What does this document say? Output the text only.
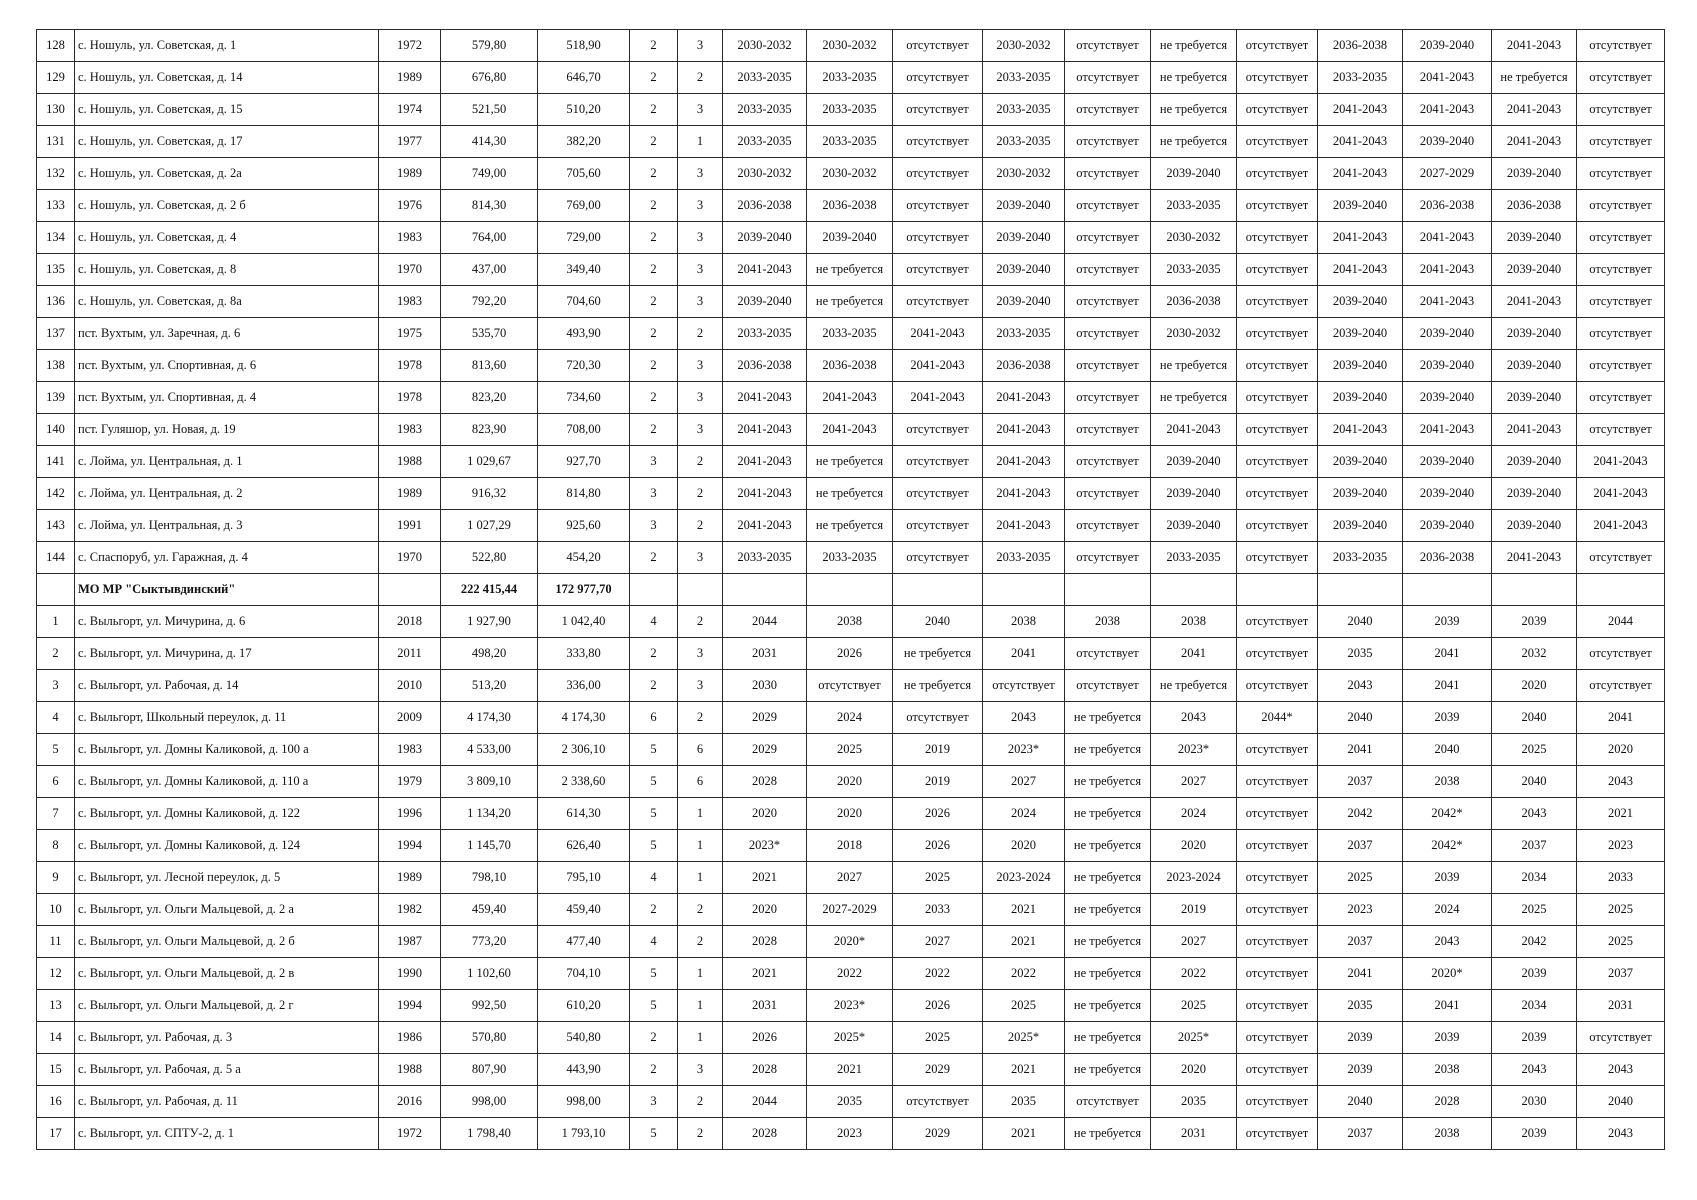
128	с. Ношуль, ул. Советская, д. 1	1972	579,80	518,90	2	3	2030-2032	2030-2032	отсутствует	2030-2032	отсутствует	не требуется	отсутствует	2036-2038	2039-2040	2041-2043	отсутствует
129	с. Ношуль, ул. Советская, д. 14	1989	676,80	646,70	2	2	2033-2035	2033-2035	отсутствует	2033-2035	отсутствует	не требуется	отсутствует	2033-2035	2041-2043	не требуется	отсутствует
130	с. Ношуль, ул. Советская, д. 15	1974	521,50	510,20	2	3	2033-2035	2033-2035	отсутствует	2033-2035	отсутствует	не требуется	отсутствует	2041-2043	2041-2043	2041-2043	отсутствует
131	с. Ношуль, ул. Советская, д. 17	1977	414,30	382,20	2	1	2033-2035	2033-2035	отсутствует	2033-2035	отсутствует	не требуется	отсутствует	2041-2043	2039-2040	2041-2043	отсутствует
132	с. Ношуль, ул. Советская, д. 2а	1989	749,00	705,60	2	3	2030-2032	2030-2032	отсутствует	2030-2032	отсутствует	2039-2040	отсутствует	2041-2043	2027-2029	2039-2040	отсутствует
133	с. Ношуль, ул. Советская, д. 2 б	1976	814,30	769,00	2	3	2036-2038	2036-2038	отсутствует	2039-2040	отсутствует	2033-2035	отсутствует	2039-2040	2036-2038	2036-2038	отсутствует
134	с. Ношуль, ул. Советская, д. 4	1983	764,00	729,00	2	3	2039-2040	2039-2040	отсутствует	2039-2040	отсутствует	2030-2032	отсутствует	2041-2043	2041-2043	2039-2040	отсутствует
135	с. Ношуль, ул. Советская, д. 8	1970	437,00	349,40	2	3	2041-2043	не требуется	отсутствует	2039-2040	отсутствует	2033-2035	отсутствует	2041-2043	2041-2043	2039-2040	отсутствует
136	с. Ношуль, ул. Советская, д. 8а	1983	792,20	704,60	2	3	2039-2040	не требуется	отсутствует	2039-2040	отсутствует	2036-2038	отсутствует	2039-2040	2041-2043	2041-2043	отсутствует
137	пст. Вухтым, ул. Заречная, д. 6	1975	535,70	493,90	2	2	2033-2035	2033-2035	2041-2043	2033-2035	отсутствует	2030-2032	отсутствует	2039-2040	2039-2040	2039-2040	отсутствует
138	пст. Вухтым, ул. Спортивная, д. 6	1978	813,60	720,30	2	3	2036-2038	2036-2038	2041-2043	2036-2038	отсутствует	не требуется	отсутствует	2039-2040	2039-2040	2039-2040	отсутствует
139	пст. Вухтым, ул. Спортивная, д. 4	1978	823,20	734,60	2	3	2041-2043	2041-2043	2041-2043	2041-2043	отсутствует	не требуется	отсутствует	2039-2040	2039-2040	2039-2040	отсутствует
140	пст. Гуляшор, ул. Новая, д. 19	1983	823,90	708,00	2	3	2041-2043	2041-2043	отсутствует	2041-2043	отсутствует	2041-2043	отсутствует	2041-2043	2041-2043	2041-2043	отсутствует
141	с. Лойма, ул. Центральная, д. 1	1988	1 029,67	927,70	3	2	2041-2043	не требуется	отсутствует	2041-2043	отсутствует	2039-2040	отсутствует	2039-2040	2039-2040	2039-2040	2041-2043
142	с. Лойма, ул. Центральная, д. 2	1989	916,32	814,80	3	2	2041-2043	не требуется	отсутствует	2041-2043	отсутствует	2039-2040	отсутствует	2039-2040	2039-2040	2039-2040	2041-2043
143	с. Лойма, ул. Центральная, д. 3	1991	1 027,29	925,60	3	2	2041-2043	не требуется	отсутствует	2041-2043	отсутствует	2039-2040	отсутствует	2039-2040	2039-2040	2039-2040	2041-2043
144	с. Спаспоруб, ул. Гаражная, д. 4	1970	522,80	454,20	2	3	2033-2035	2033-2035	отсутствует	2033-2035	отсутствует	2033-2035	отсутствует	2033-2035	2036-2038	2041-2043	отсутствует
	МО МР "Сыктывдинский"		222 415,44	172 977,70													
1	с. Выльгорт, ул. Мичурина, д. 6	2018	1 927,90	1 042,40	4	2	2044	2038	2040	2038	2038	2038	отсутствует	2040	2039	2039	2044
2	с. Выльгорт, ул. Мичурина, д. 17	2011	498,20	333,80	2	3	2031	2026	не требуется	2041	отсутствует	2041	отсутствует	2035	2041	2032	отсутствует
3	с. Выльгорт, ул. Рабочая, д. 14	2010	513,20	336,00	2	3	2030	отсутствует	не требуется	отсутствует	отсутствует	не требуется	отсутствует	2043	2041	2020	отсутствует
4	с. Выльгорт, Школьный переулок, д. 11	2009	4 174,30	4 174,30	6	2	2029	2024	отсутствует	2043	не требуется	2043	2044*	2040	2039	2040	2041
5	с. Выльгорт, ул. Домны Каликовой, д. 100 а	1983	4 533,00	2 306,10	5	6	2029	2025	2019	2023*	не требуется	2023*	отсутствует	2041	2040	2025	2020
6	с. Выльгорт, ул. Домны Каликовой, д. 110 а	1979	3 809,10	2 338,60	5	6	2028	2020	2019	2027	не требуется	2027	отсутствует	2037	2038	2040	2043
7	с. Выльгорт, ул. Домны Каликовой, д. 122	1996	1 134,20	614,30	5	1	2020	2020	2026	2024	не требуется	2024	отсутствует	2042	2042*	2043	2021
8	с. Выльгорт, ул. Домны Каликовой, д. 124	1994	1 145,70	626,40	5	1	2023*	2018	2026	2020	не требуется	2020	отсутствует	2037	2042*	2037	2023
9	с. Выльгорт, ул. Лесной переулок, д. 5	1989	798,10	795,10	4	1	2021	2027	2025	2023-2024	не требуется	2023-2024	отсутствует	2025	2039	2034	2033
10	с. Выльгорт, ул. Ольги Мальцевой, д. 2 а	1982	459,40	459,40	2	2	2020	2027-2029	2033	2021	не требуется	2019	отсутствует	2023	2024	2025	2025
11	с. Выльгорт, ул. Ольги Мальцевой, д. 2 б	1987	773,20	477,40	4	2	2028	2020*	2027	2021	не требуется	2027	отсутствует	2037	2043	2042	2025
12	с. Выльгорт, ул. Ольги Мальцевой, д. 2 в	1990	1 102,60	704,10	5	1	2021	2022	2022	2022	не требуется	2022	отсутствует	2041	2020*	2039	2037
13	с. Выльгорт, ул. Ольги Мальцевой, д. 2 г	1994	992,50	610,20	5	1	2031	2023*	2026	2025	не требуется	2025	отсутствует	2035	2041	2034	2031
14	с. Выльгорт, ул. Рабочая, д. 3	1986	570,80	540,80	2	1	2026	2025*	2025	2025*	не требуется	2025*	отсутствует	2039	2039	2039	отсутствует
15	с. Выльгорт, ул. Рабочая, д. 5 а	1988	807,90	443,90	2	3	2028	2021	2029	2021	не требуется	2020	отсутствует	2039	2038	2043	2043
16	с. Выльгорт, ул. Рабочая, д. 11	2016	998,00	998,00	3	2	2044	2035	отсутствует	2035	отсутствует	2035	отсутствует	2040	2028	2030	2040
17	с. Выльгорт, ул. СПТУ-2, д. 1	1972	1 798,40	1 793,10	5	2	2028	2023	2029	2021	не требуется	2031	отсутствует	2037	2038	2039	2043
